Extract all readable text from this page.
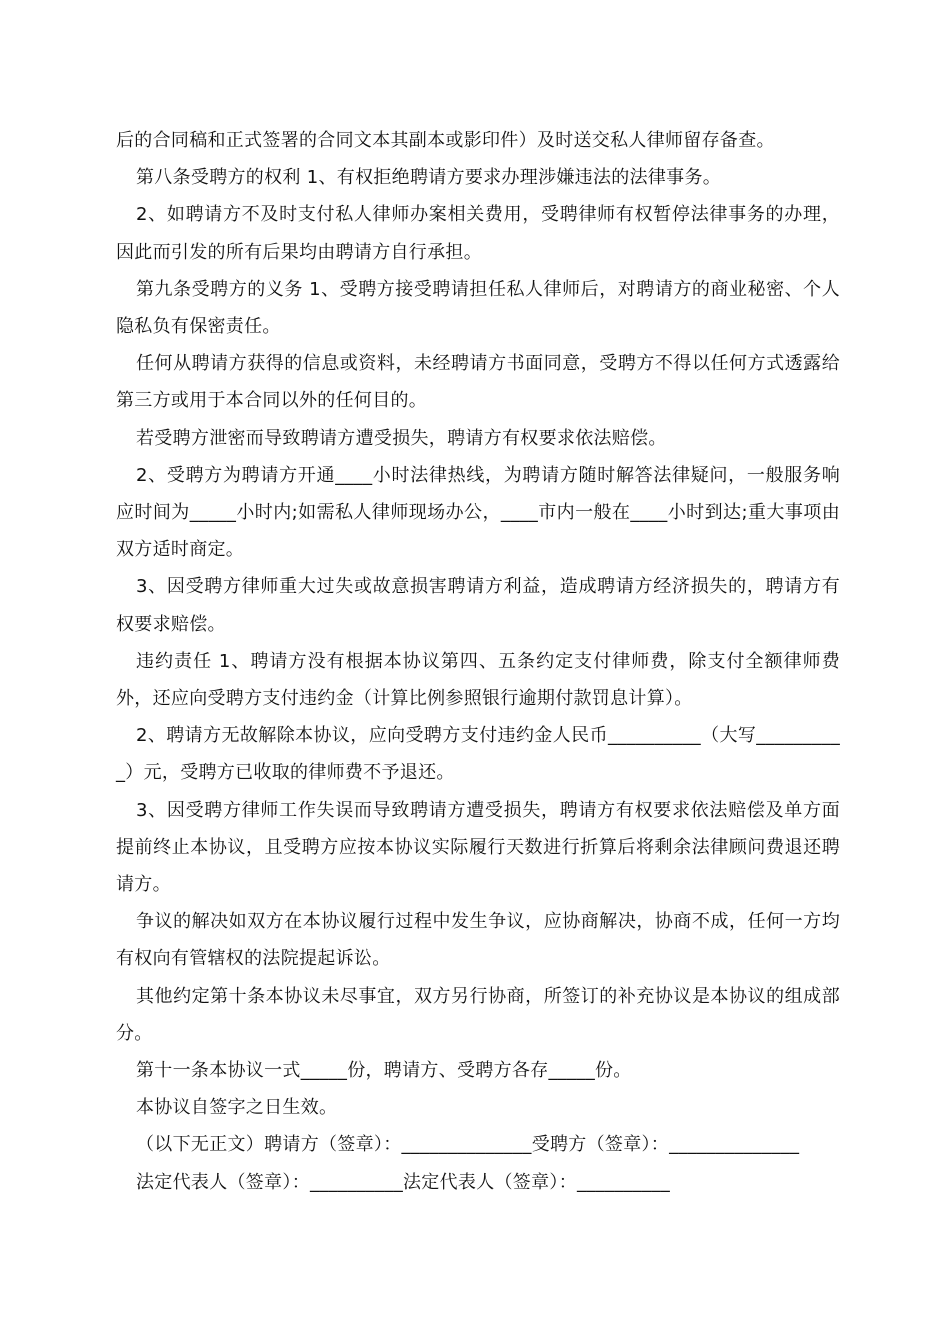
后的合同稿和正式签署的合同文本其副本或影印件）及时送交私人律师留存备查。

第八条受聘方的权利 1、有权拒绝聘请方要求办理涉嫌违法的法律事务。

2、如聘请方不及时支付私人律师办案相关费用，受聘律师有权暂停法律事务的办理，因此而引发的所有后果均由聘请方自行承担。

第九条受聘方的义务 1、受聘方接受聘请担任私人律师后，对聘请方的商业秘密、个人隐私负有保密责任。

任何从聘请方获得的信息或资料，未经聘请方书面同意，受聘方不得以任何方式透露给第三方或用于本合同以外的任何目的。

若受聘方泄密而导致聘请方遭受损失，聘请方有权要求依法赔偿。

2、受聘方为聘请方开通____小时法律热线，为聘请方随时解答法律疑问，一般服务响应时间为_____小时内;如需私人律师现场办公，____市内一般在____小时到达;重大事项由双方适时商定。

3、因受聘方律师重大过失或故意损害聘请方利益，造成聘请方经济损失的，聘请方有权要求赔偿。

违约责任 1、聘请方没有根据本协议第四、五条约定支付律师费，除支付全额律师费外，还应向受聘方支付违约金（计算比例参照银行逾期付款罚息计算）。

2、聘请方无故解除本协议，应向受聘方支付违约金人民币__________（大写__________）元，受聘方已收取的律师费不予退还。

3、因受聘方律师工作失误而导致聘请方遭受损失，聘请方有权要求依法赔偿及单方面提前终止本协议，且受聘方应按本协议实际履行天数进行折算后将剩余法律顾问费退还聘请方。

争议的解决如双方在本协议履行过程中发生争议，应协商解决，协商不成，任何一方均有权向有管辖权的法院提起诉讼。

其他约定第十条本协议未尽事宜，双方另行协商，所签订的补充协议是本协议的组成部分。

第十一条本协议一式_____份，聘请方、受聘方各存_____份。

本协议自签字之日生效。

（以下无正文）聘请方（签章）：______________受聘方（签章）：______________

法定代表人（签章）：__________法定代表人（签章）：__________
